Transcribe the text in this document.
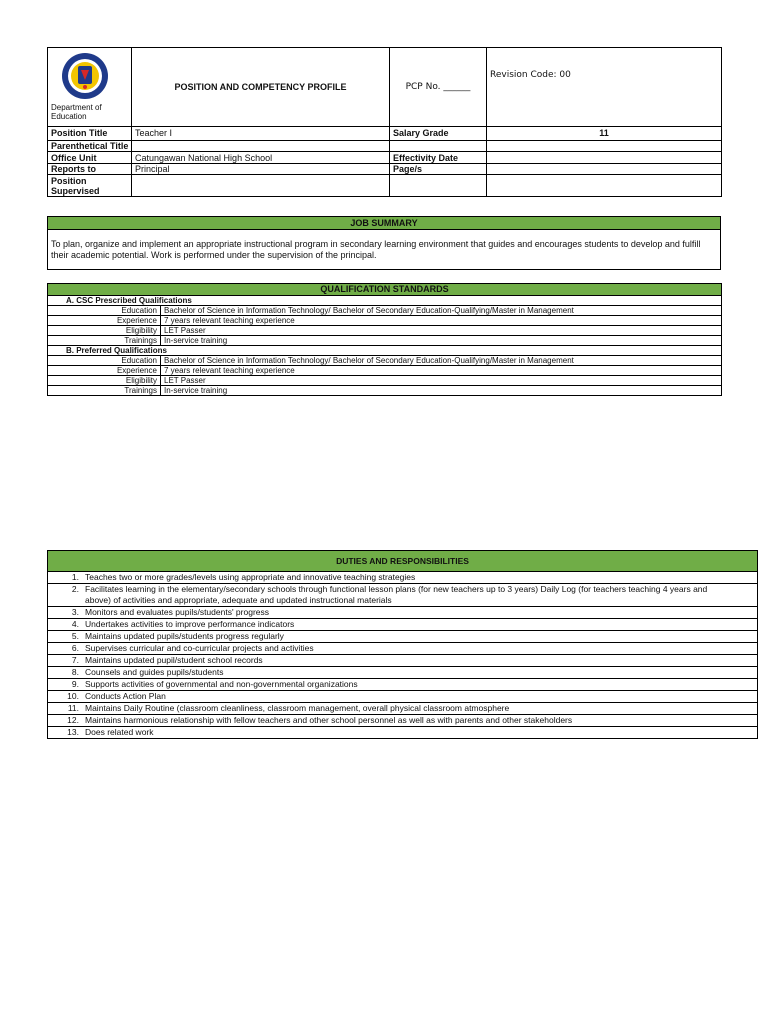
Department of Education	POSITION AND COMPETENCY PROFILE	PCP No. ______	Revision Code: 00
Position Title	Teacher I	Salary Grade	11
Parenthetical Title			
Office Unit	Catungawan National High School	Effectivity Date	
Reports to	Principal	Page/s	
Position Supervised			
JOB SUMMARY
To plan, organize and implement an appropriate instructional program in secondary learning environment that guides and encourages students to develop and fulfill their academic potential. Work is performed under the supervision of the principal.
QUALIFICATION STANDARDS	
A. CSC Prescribed Qualifications	
Education	Bachelor of Science in Information Technology/ Bachelor of Secondary Education-Qualifying/Master in Management
Experience	7 years relevant teaching experience
Eligibility	LET Passer
Trainings	In-service training
B. Preferred Qualifications	
Education	Bachelor of Science in Information Technology/ Bachelor of Secondary Education-Qualifying/Master in Management
Experience	7 years relevant teaching experience
Eligibility	LET Passer
Trainings	In-service training
DUTIES AND RESPONSIBILITIES
1. Teaches two or more grades/levels using appropriate and innovative teaching strategies
2. Facilitates learning in the elementary/secondary schools through functional lesson plans (for new teachers up to 3 years) Daily Log (for teachers teaching 4 years and above) of activities and appropriate, adequate and updated instructional materials
3. Monitors and evaluates pupils/students' progress
4. Undertakes activities to improve performance indicators
5. Maintains updated pupils/students progress regularly
6. Supervises curricular and co-curricular projects and activities
7. Maintains updated pupil/student school records
8. Counsels and guides pupils/students
9. Supports activities of governmental and non-governmental organizations
10. Conducts Action Plan
11. Maintains Daily Routine (classroom cleanliness, classroom management, overall physical classroom atmosphere
12. Maintains harmonious relationship with fellow teachers and other school personnel as well as with parents and other stakeholders
13. Does related work
